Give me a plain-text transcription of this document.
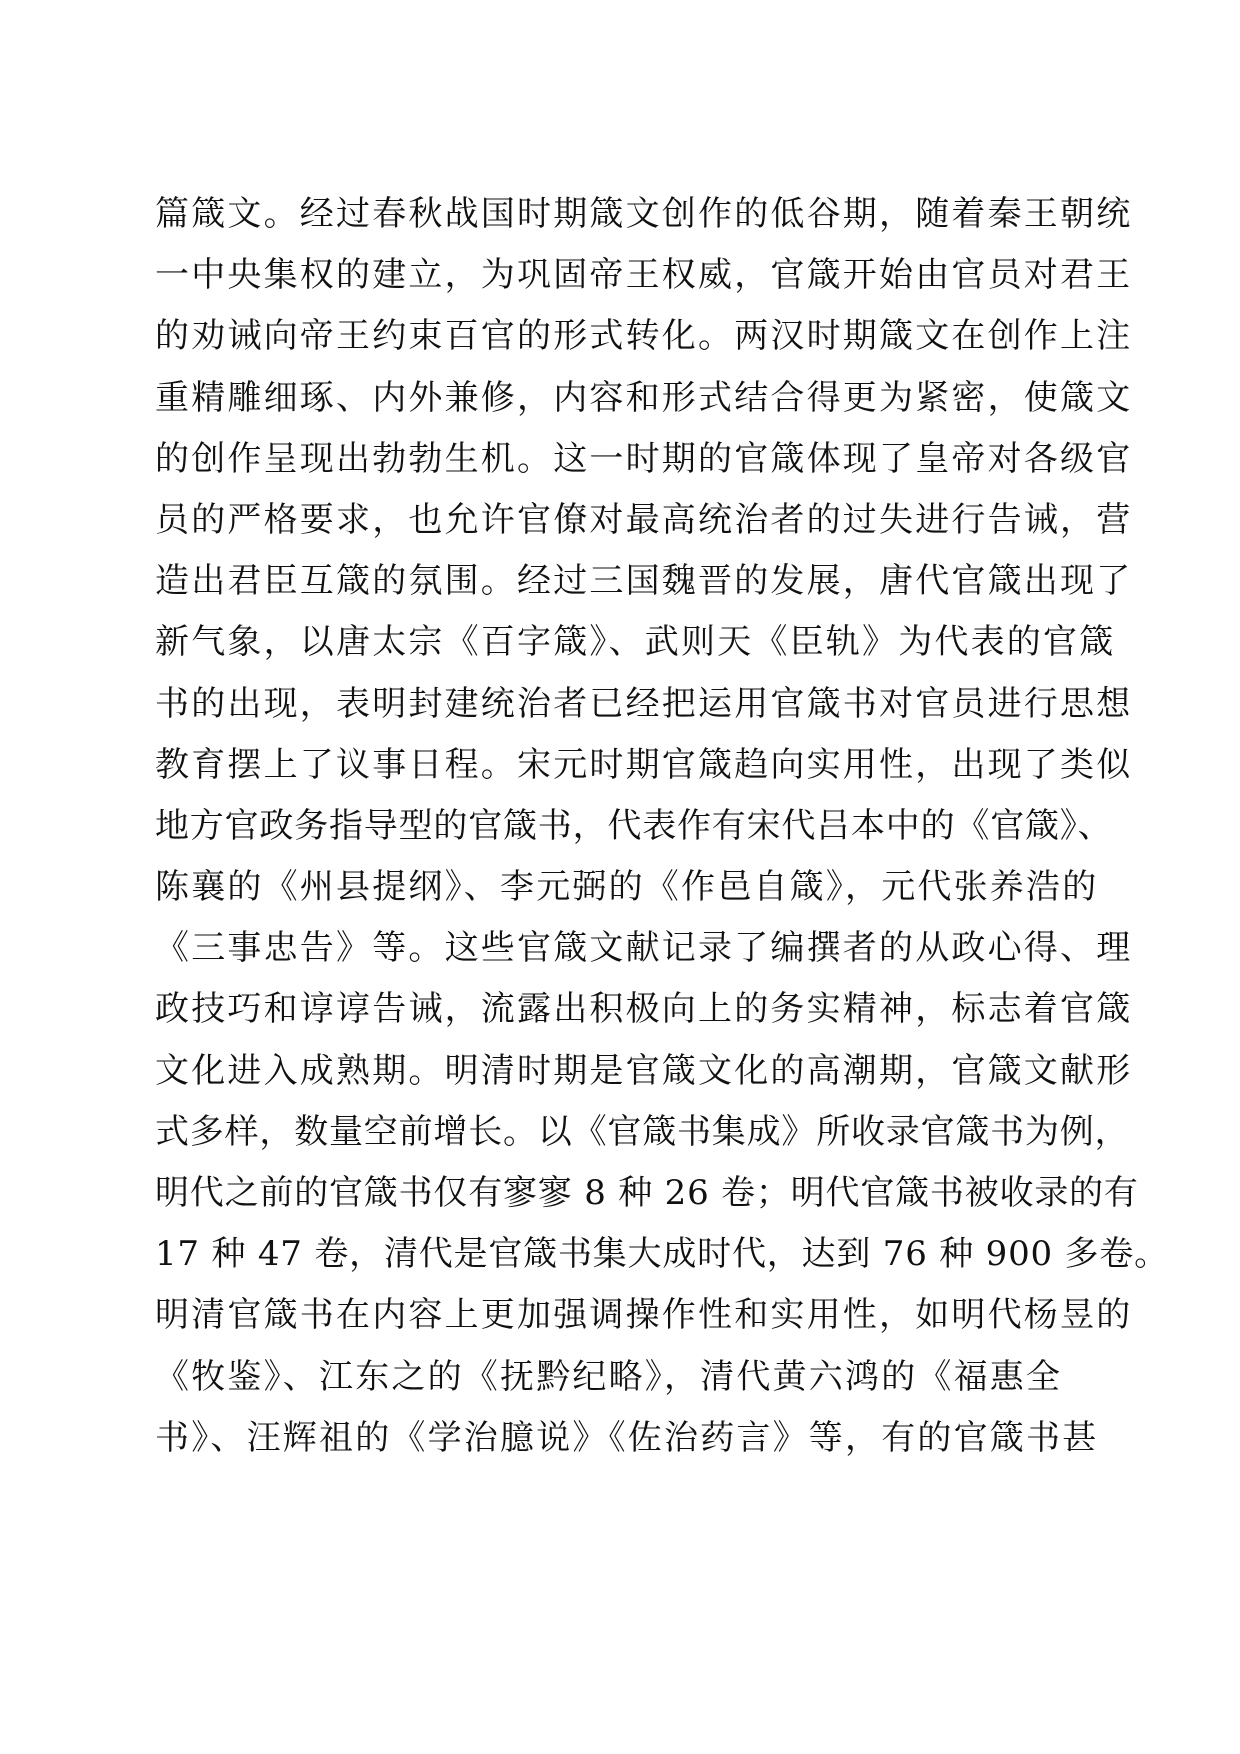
篇箴文。经过春秋战国时期箴文创作的低谷期，随着秦王朝统
一中央集权的建立，为巩固帝王权威，官箴开始由官员对君王
的劝诫向帝王约束百官的形式转化。两汉时期箴文在创作上注
重精雕细琢、内外兼修，内容和形式结合得更为紧密，使箴文
的创作呈现出勃勃生机。这一时期的官箴体现了皇帝对各级官
员的严格要求，也允许官僚对最高统治者的过失进行告诫，营
造出君臣互箴的氛围。经过三国魏晋的发展，唐代官箴出现了
新气象，以唐太宗《百字箴》、武则天《臣轨》为代表的官箴
书的出现，表明封建统治者已经把运用官箴书对官员进行思想
教育摆上了议事日程。宋元时期官箴趋向实用性，出现了类似
地方官政务指导型的官箴书，代表作有宋代吕本中的《官箴》、
陈襄的《州县提纲》、李元弼的《作邑自箴》，元代张养浩的
《三事忠告》等。这些官箴文献记录了编撰者的从政心得、理
政技巧和谆谆告诫，流露出积极向上的务实精神，标志着官箴
文化进入成熟期。明清时期是官箴文化的高潮期，官箴文献形
式多样，数量空前增长。以《官箴书集成》所收录官箴书为例，
明代之前的官箴书仅有寥寥 8 种 26 卷；明代官箴书被收录的有
17 种 47 卷，清代是官箴书集大成时代，达到 76 种 900 多卷。
明清官箴书在内容上更加强调操作性和实用性，如明代杨昱的
《牧鉴》、江东之的《抚黔纪略》，清代黄六鸿的《福惠全
书》、汪辉祖的《学治臆说》《佐治药言》等，有的官箴书甚
